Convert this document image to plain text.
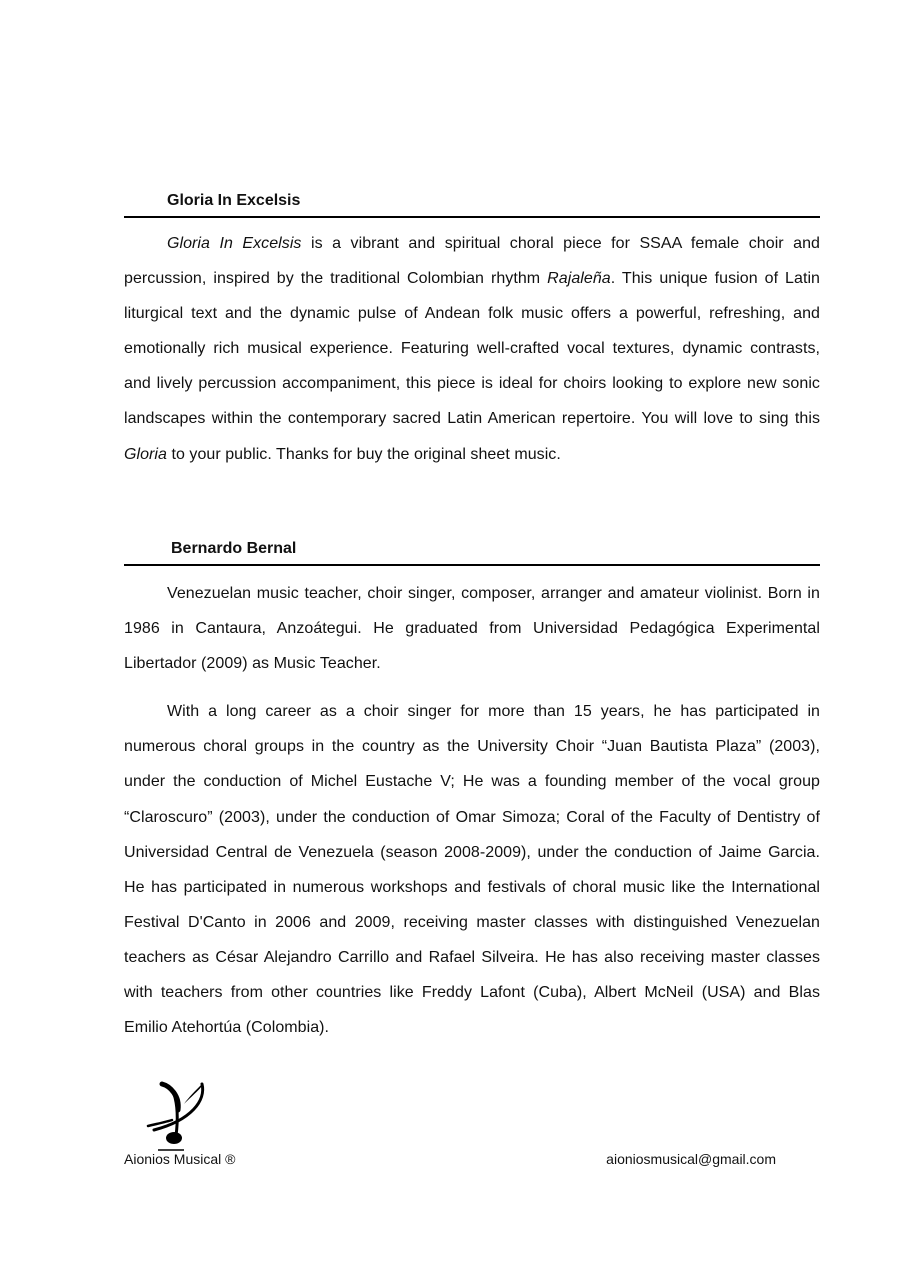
Gloria In Excelsis

Gloria In Excelsis is a vibrant and spiritual choral piece for SSAA female choir and percussion, inspired by the traditional Colombian rhythm Rajaleña. This unique fusion of Latin liturgical text and the dynamic pulse of Andean folk music offers a powerful, refreshing, and emotionally rich musical experience. Featuring well-crafted vocal textures, dynamic contrasts, and lively percussion accompaniment, this piece is ideal for choirs looking to explore new sonic landscapes within the contemporary sacred Latin American repertoire. You will love to sing this Gloria to your public. Thanks for buy the original sheet music.

Bernardo Bernal

Venezuelan music teacher, choir singer, composer, arranger and amateur violinist. Born in 1986 in Cantaura, Anzoátegui. He graduated from Universidad Pedagógica Experimental Libertador (2009) as Music Teacher.

With a long career as a choir singer for more than 15 years, he has participated in numerous choral groups in the country as the University Choir “Juan Bautista Plaza” (2003), under the conduction of Michel Eustache V; He was a founding member of the vocal group “Claroscuro” (2003), under the conduction of Omar Simoza; Coral of the Faculty of Dentistry of Universidad Central de Venezuela (season 2008-2009), under the conduction of Jaime Garcia. He has participated in numerous workshops and festivals of choral music like the International Festival D'Canto in 2006 and 2009, receiving master classes with distinguished Venezuelan teachers as César Alejandro Carrillo and Rafael Silveira. He has also receiving master classes with teachers from other countries like Freddy Lafont (Cuba), Albert McNeil (USA) and Blas Emilio Atehortúa (Colombia).

Aionios Musical ®	aioniosmusical@gmail.com
